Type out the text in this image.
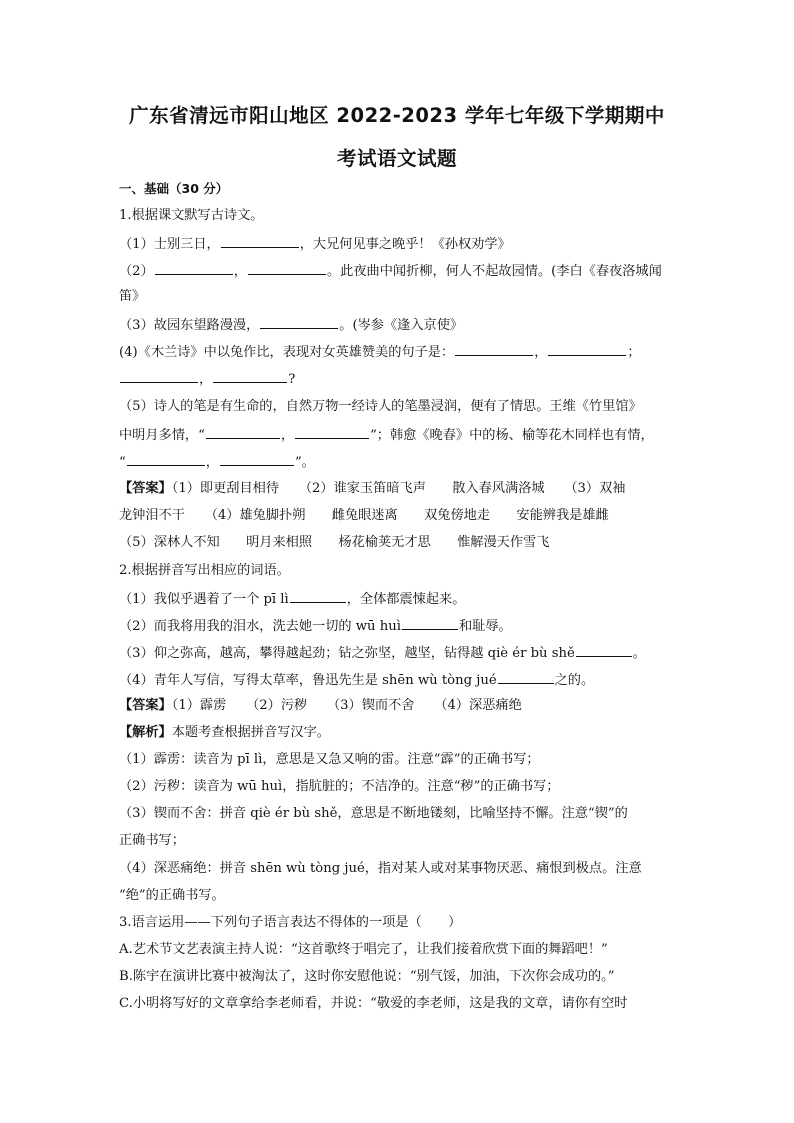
广东省清远市阳山地区 2022-2023 学年七年级下学期期中
考试语文试题
一、基础（30 分）
1.根据课文默写古诗文。
（1）士别三日，	，大兄何见事之晚乎！《孙权劝学》
（2）	，	。此夜曲中闻折柳，何人不起故园情。(李白《春夜洛城闻
笛》
（3）故园东望路漫漫，	。(岑参《逢入京使》
(4)《木兰诗》中以兔作比，表现对女英雄赞美的句子是：	，	；
，	?
（5）诗人的笔是有生命的，自然万物一经诗人的笔墨浸润，便有了情思。王维《竹里馆》
中明月多情，“	，	”；韩愈《晚春》中的杨、榆等花木同样也有情，
“	，	”。
【答案】（1）即更刮目相待　　（2）谁家玉笛暗飞声　　散入春风满洛城　　（3）双袖
龙钟泪不干　　（4）雄兔脚扑朔　　雌兔眼迷离　　双兔傍地走　　安能辨我是雄雌
（5）深林人不知　　明月来相照　　杨花榆荚无才思　　惟解漫天作雪飞
2.根据拼音写出相应的词语。
（1）我似乎遇着了一个 pī lì	，全体都震悚起来。
（2）而我将用我的泪水，洗去她一切的 wū huì	和耻辱。
（3）仰之弥高，越高，攀得越起劲；钻之弥坚，越坚，钻得越 qiè ér bù shě	。
（4）青年人写信，写得太草率，鲁迅先生是 shēn wù tòng jué	之的。
【答案】（1）霹雳　　（2）污秽　　（3）锲而不舍　　（4）深恶痛绝
【解析】本题考查根据拼音写汉字。
（1）霹雳：读音为 pī lì，意思是又急又响的雷。注意“霹”的正确书写；
（2）污秽：读音为 wū huì，指肮脏的；不洁净的。注意“秽”的正确书写；
（3）锲而不舍：拼音 qiè ér bù shě，意思是不断地镂刻，比喻坚持不懈。注意“锲”的
正确书写；
（4）深恶痛绝：拼音 shēn wù tòng jué，指对某人或对某事物厌恶、痛恨到极点。注意
“绝”的正确书写。
3.语言运用——下列句子语言表达不得体的一项是（　　）
A.艺术节文艺表演主持人说：“这首歌终于唱完了，让我们接着欣赏下面的舞蹈吧！”
B.陈宇在演讲比赛中被淘汰了，这时你安慰他说：“别气馁，加油，下次你会成功的。”
C.小明将写好的文章拿给李老师看，并说：“敬爱的李老师，这是我的文章，请你有空时
